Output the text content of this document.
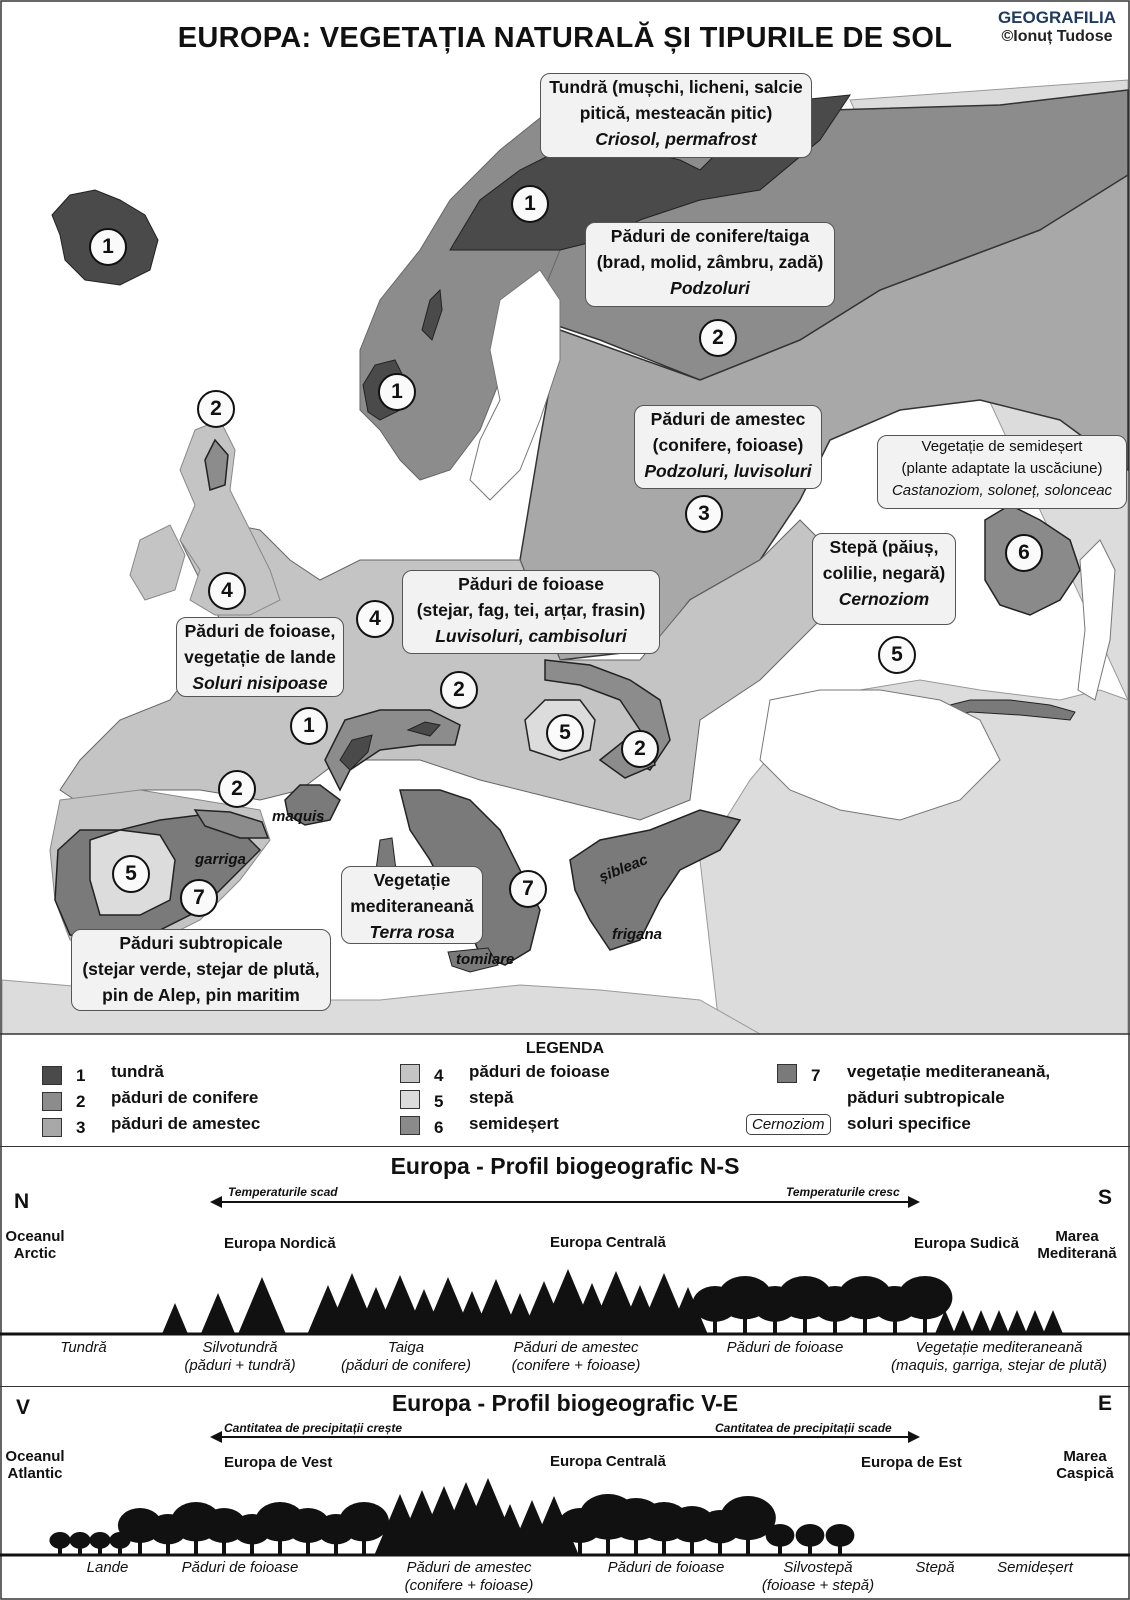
EUROPA: VEGETAȚIA NATURALĂ ȘI TIPURILE DE SOL
GEOGRAFILIA
©Ionuț Tudose
Tundră (mușchi, licheni, salcie
pitică, mesteacăn pitic)
Criosol, permafrost
Păduri de conifere/taiga
(brad, molid, zâmbru, zadă)
Podzoluri
Păduri de amestec
(conifere, foioase)
Podzoluri, luvisoluri
Vegetație de semideșert
(plante adaptate la uscăciune)
Castanoziom, soloneț, solonceac
Stepă (păiuș,
colilie, negară)
Cernoziom
Păduri de foioase
(stejar, fag, tei, arțar, frasin)
Luvisoluri, cambisoluri
Păduri de foioase,
vegetație de lande
Soluri nisipoase
Vegetație
mediteraneană
Terra rosa
Păduri subtropicale
(stejar verde, stejar de plută,
pin de Alep, pin maritim
1
1
1
1
2
2
2
2
2
3
4
4
5
5
5
6
7	7
maquis
garriga	șibleac
frigana
tomilare
LEGENDA
1 tundră
2 păduri de conifere
3 păduri de amestec
4 păduri de foioase
5 stepă
6 semideșert
7 vegetație mediteraneană,
păduri subtropicale
Cernoziom	soluri specifice
Europa - Profil biogeografic N-S
N	S
Oceanul
Arctic
Marea
Mediterană
Temperaturile scad	Temperaturile cresc
Europa Nordică	Europa Centrală	Europa Sudică
Tundră	Silvotundră
(păduri + tundră)
Taiga
(păduri de conifere)
Păduri de amestec
(conifere + foioase)
Păduri de foioase	Vegetație mediteraneană
(maquis, garriga, stejar de plută)
Europa - Profil biogeografic V-E
V	E
Oceanul
Atlantic
Marea
Caspică
Cantitatea de precipitații crește	Cantitatea de precipitații scade
Europa de Vest	Europa Centrală	Europa de Est
Lande	Păduri de foioase	Păduri de amestec
(conifere + foioase)
Păduri de foioase	Silvostepă
(foioase + stepă)
Stepă	Semideșert
